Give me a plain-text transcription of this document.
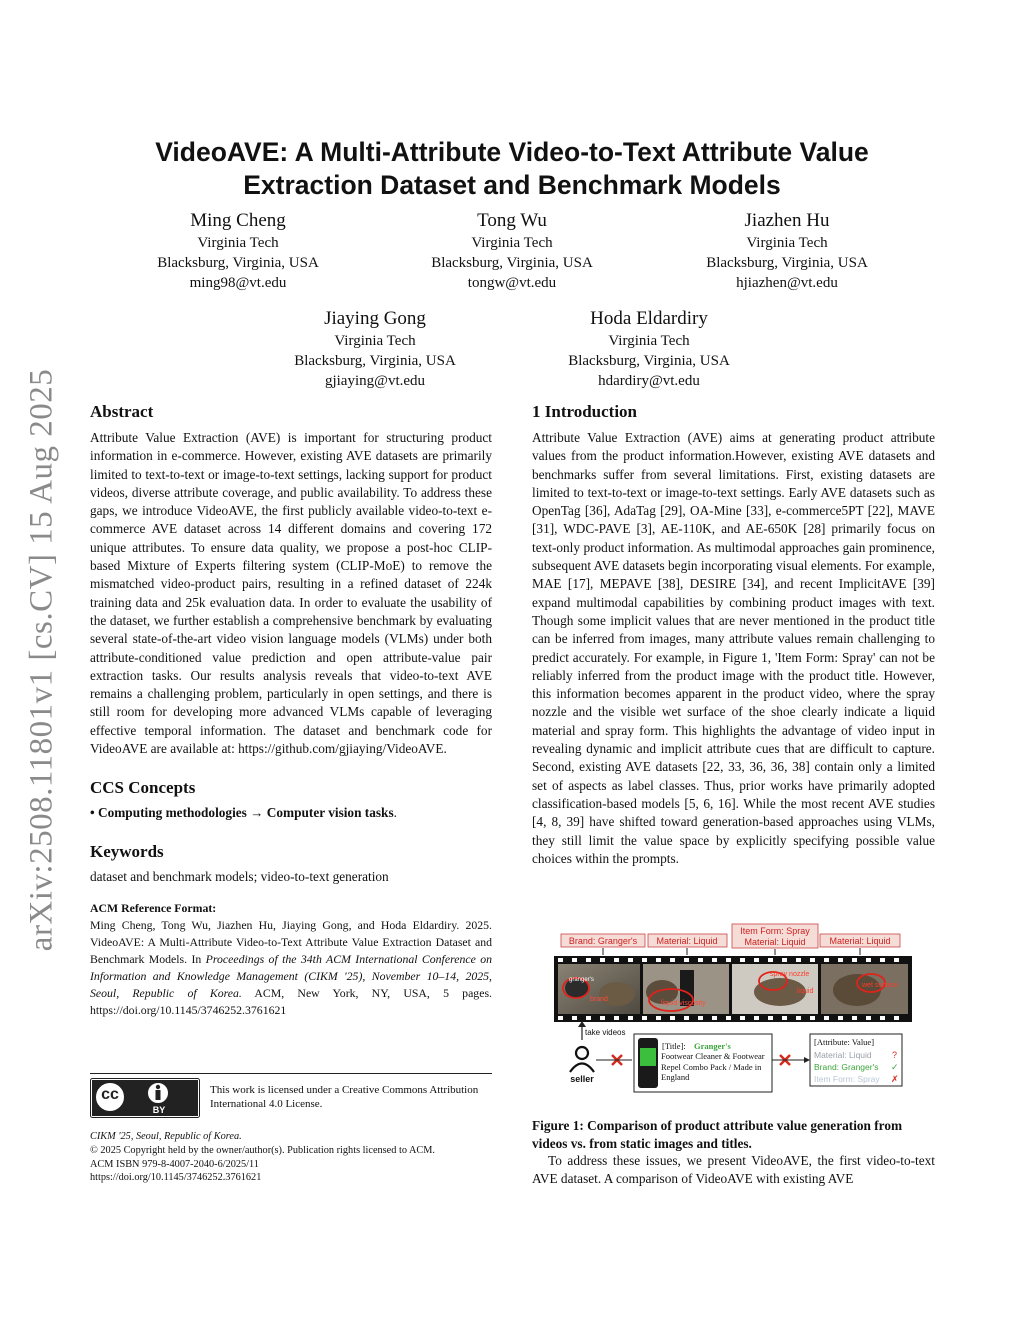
arXiv:2508.11801v1 [cs.CV] 15 Aug 2025
VideoAVE: A Multi-Attribute Video-to-Text Attribute Value
Extraction Dataset and Benchmark Models
Ming Cheng
Virginia Tech
Blacksburg, Virginia, USA
ming98@vt.edu
Tong Wu
Virginia Tech
Blacksburg, Virginia, USA
tongw@vt.edu
Jiazhen Hu
Virginia Tech
Blacksburg, Virginia, USA
hjiazhen@vt.edu
Jiaying Gong
Virginia Tech
Blacksburg, Virginia, USA
gjiaying@vt.edu
Hoda Eldardiry
Virginia Tech
Blacksburg, Virginia, USA
hdardiry@vt.edu
Abstract

Attribute Value Extraction (AVE) is important for structuring product information in e-commerce. However, existing AVE datasets are primarily limited to text-to-text or image-to-text settings, lacking support for product videos, diverse attribute coverage, and public availability. To address these gaps, we introduce VideoAVE, the first publicly available video-to-text e-commerce AVE dataset across 14 different domains and covering 172 unique attributes. To ensure data quality, we propose a post-hoc CLIP-based Mixture of Experts filtering system (CLIP-MoE) to remove the mismatched video-product pairs, resulting in a refined dataset of 224k training data and 25k evaluation data. In order to evaluate the usability of the dataset, we further establish a comprehensive benchmark by evaluating several state-of-the-art video vision language models (VLMs) under both attribute-conditioned value prediction and open attribute-value pair extraction tasks. Our results analysis reveals that video-to-text AVE remains a challenging problem, particularly in open settings, and there is still room for developing more advanced VLMs capable of leveraging effective temporal information. The dataset and benchmark code for VideoAVE are available at: https://github.com/gjiaying/VideoAVE.

CCS Concepts

• Computing methodologies → Computer vision tasks.

Keywords

dataset and benchmark models; video-to-text generation

ACM Reference Format:

Ming Cheng, Tong Wu, Jiazhen Hu, Jiaying Gong, and Hoda Eldardiry. 2025. VideoAVE: A Multi-Attribute Video-to-Text Attribute Value Extraction Dataset and Benchmark Models. In Proceedings of the 34th ACM International Conference on Information and Knowledge Management (CIKM '25), November 10–14, 2025, Seoul, Republic of Korea. ACM, New York, NY, USA, 5 pages. https://doi.org/10.1145/3746252.3761621

cc
BY
This work is licensed under a Creative Commons Attribution International 4.0 License.
CIKM '25, Seoul, Republic of Korea.
© 2025 Copyright held by the owner/author(s). Publication rights licensed to ACM.
ACM ISBN 979-8-4007-2040-6/2025/11
https://doi.org/10.1145/3746252.3761621
1 Introduction

Attribute Value Extraction (AVE) aims at generating product attribute values from the product information.However, existing AVE datasets and benchmarks suffer from several limitations. First, existing datasets are limited to text-to-text or image-to-text settings. Early AVE datasets such as OpenTag [36], AdaTag [29], OA-Mine [33], e-commerce5PT [22], MAVE [31], WDC-PAVE [3], AE-110K, and AE-650K [28] primarily focus on text-only product information. As multimodal approaches gain prominence, subsequent AVE datasets begin incorporating visual elements. For example, MAE [17], MEPAVE [38], DESIRE [34], and recent ImplicitAVE [39] expand multimodal capabilities by combining product images with text. Though some implicit values that are never mentioned in the product title can be inferred from images, many attribute values remain challenging to predict accurately. For example, in Figure 1, 'Item Form: Spray' can not be reliably inferred from the product image with the product title. However, this information becomes apparent in the product video, where the spray nozzle and the visible wet surface of the shoe clearly indicate a liquid material and spray form. This highlights the advantage of video input in revealing dynamic and implicit attribute cues that are difficult to capture. Second, existing AVE datasets [22, 33, 36, 36, 38] contain only a limited set of aspects as label classes. Thus, prior works have primarily adopted classification-based models [5, 6, 16]. While the most recent AVE studies [4, 8, 39] have shifted toward generation-based approaches using VLMs, they still limit the value space by explicitly specifying possible value choices within the prompts.

Brand: Granger's Material: Liquid
Item Form: Spray
Material: Liquid	Material: Liquid
granger's
brand
liquid viscosity
spray nozzle
liquid
wet surface
take videos
seller
[Title]: Granger's
Footwear Cleaner & Footwear Repel Combo Pack / Made in England
[Attribute: Value]
Material: Liquid
Brand: Granger's
Item Form: Spray
?
✓
✗
Figure 1: Comparison of product attribute value generation from videos vs. from static images and titles.

To address these issues, we present VideoAVE, the first video-to-text AVE dataset. A comparison of VideoAVE with existing AVE
